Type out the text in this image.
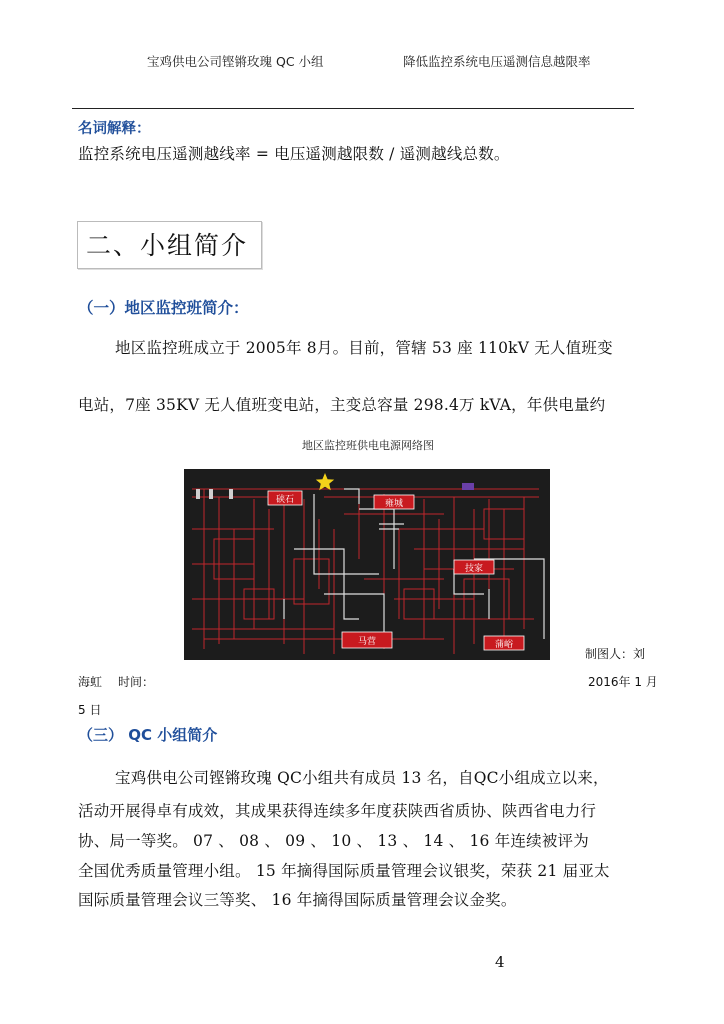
宝鸡供电公司铿锵玫瑰 QC 小组	降低监控系统电压遥测信息越限率
名词解释：
监控系统电压遥测越线率 = 电压遥测越限数 / 遥测越线总数。
二、小组简介
（一）地区监控班简介：
地区监控班成立于 2005年 8月。目前，管辖 53 座 110kV 无人值班变
电站，7座 35KV 无人值班变电站，主变总容量 298.4万 kVA，年供电量约
地区监控班供电电源网络图
硖石	雍城
技家
马营	蒲峪
制图人：刘
海虹 时间：	2016年 1 月
5 日
（三） QC 小组简介
宝鸡供电公司铿锵玫瑰 QC小组共有成员 13 名，自QC小组成立以来，
活动开展得卓有成效，其成果获得连续多年度获陕西省质协、陕西省电力行
协、局一等奖。 07 、 08 、 09 、 10 、 13 、 14 、 16 年连续被评为
全国优秀质量管理小组。 15 年摘得国际质量管理会议银奖，荣获 21 届亚太
国际质量管理会议三等奖、 16 年摘得国际质量管理会议金奖。
4
